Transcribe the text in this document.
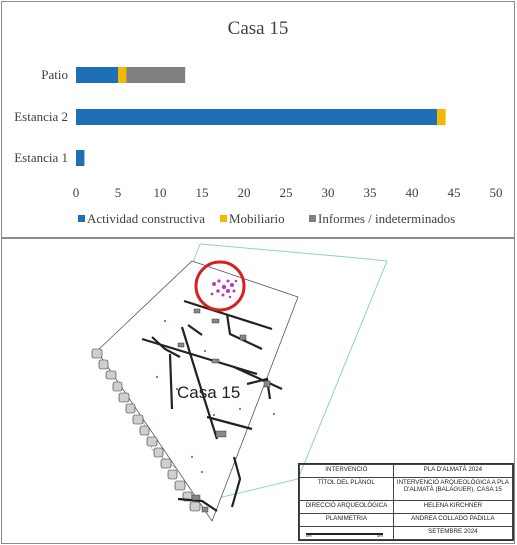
Casa 15
Patio
Estancia 2
Estancia 1
0	5 10 15 20 25 30 35 40 45 50
Actividad constructiva Mobiliario	Informes / indeterminados
Casa 15
INTERVENCIÓ	PLA D'ALMATÀ 2024
TÍTOL DEL PLÀNOL	INTERVENCIÓ ARQUEOLÒGICA A PLA D'ALMATÀ (BALAGUER). CASA 15
DIRECCIÓ ARQUEOLÒGICA	HELENA KIRCHNER
PLANIMETRIA	ANDREA COLLADO PADILLA

0m 5m	SETEMBRE 2024
